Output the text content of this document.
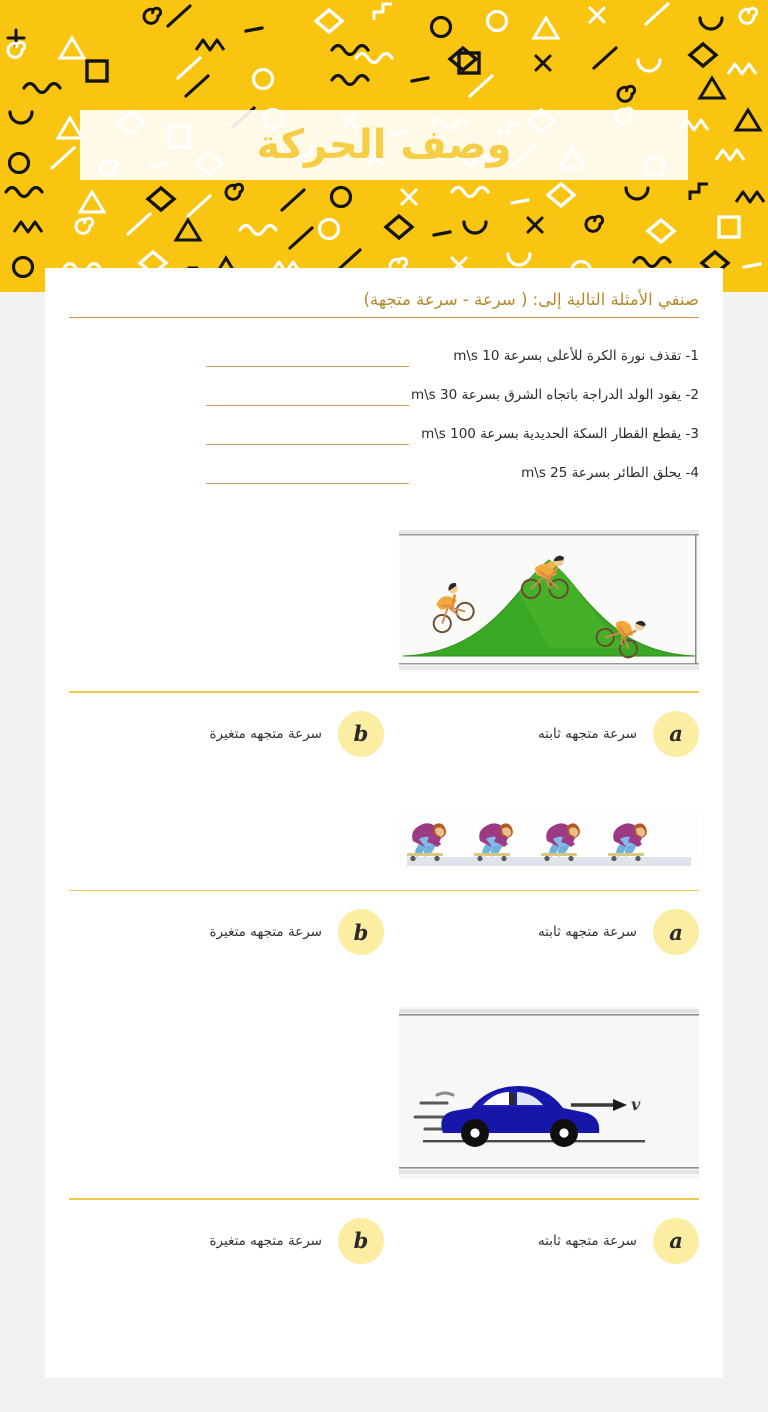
وصف الحركة
صنفي الأمثلة التالية إلى: ( سرعة - سرعة متجهة)
1- تقذف نورة الكرة للأعلى بسرعة 10 m\s
2- يقود الولد الدراجة باتجاه الشرق بسرعة 30 m\s
3- يقطع القطار السكة الحديدية بسرعة 100 m\s
4- يحلق الطائر بسرعة 25 m\s
a
سرعة متجهه ثابته
b
سرعة متجهه متغيرة
a
سرعة متجهه ثابته
b
سرعة متجهه متغيرة
v
a
سرعة متجهه ثابته
b
سرعة متجهه متغيرة
